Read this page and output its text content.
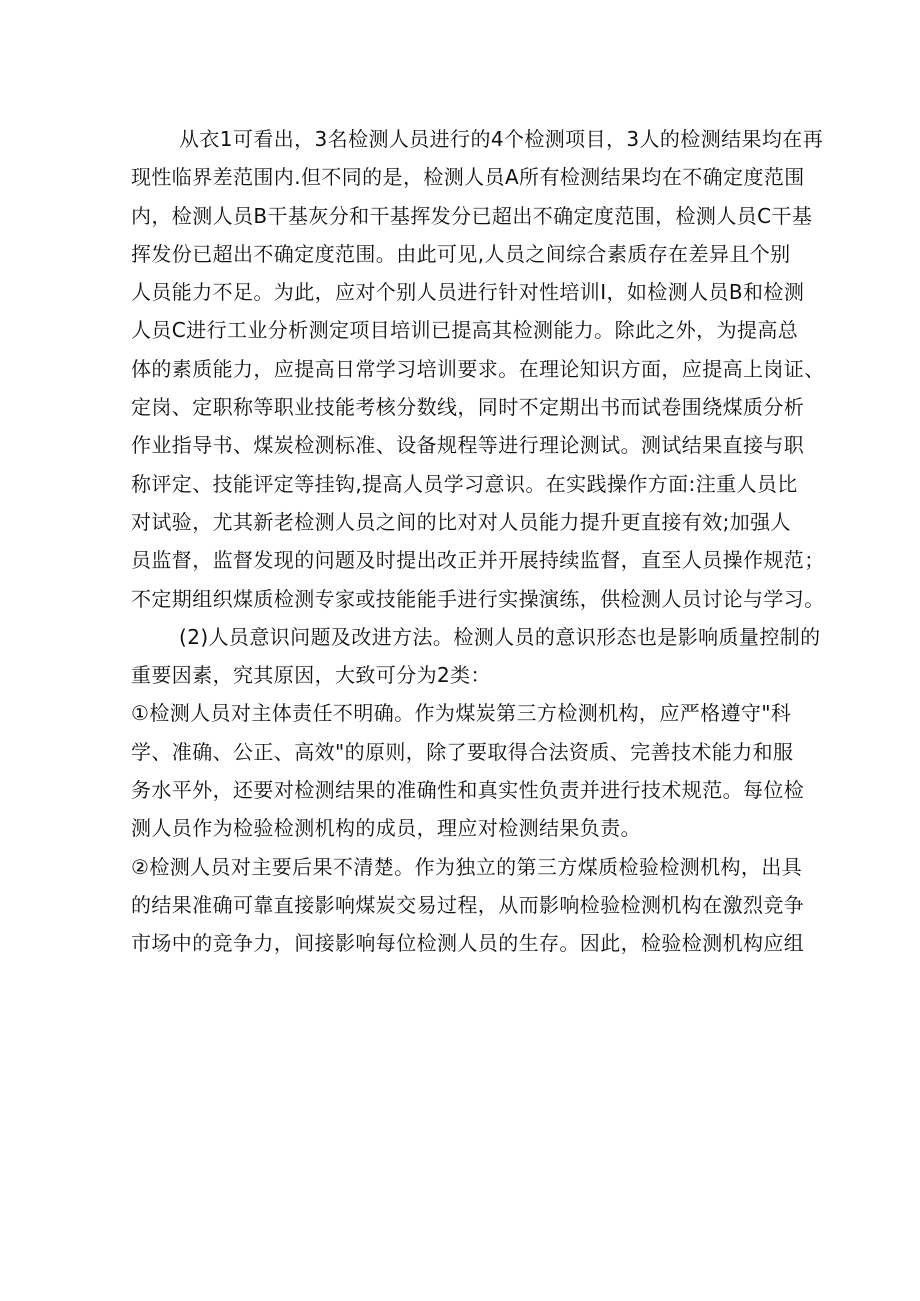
从衣1可看出，3名检测人员进行的4个检测项目，3人的检测结果均在再
现性临界差范围内.但不同的是，检测人员A所有检测结果均在不确定度范围
内，检测人员B干基灰分和干基挥发分已超出不确定度范围，检测人员C干基
挥发份已超出不确定度范围。由此可见,人员之间综合素质存在差异且个别
人员能力不足。为此，应对个别人员进行针对性培训I，如检测人员B和检测
人员C进行工业分析测定项目培训已提高其检测能力。除此之外，为提高总
体的素质能力，应提高日常学习培训要求。在理论知识方面，应提高上岗证、
定岗、定职称等职业技能考核分数线，同时不定期出书而试卷围绕煤质分析
作业指导书、煤炭检测标准、设备规程等进行理论测试。测试结果直接与职
称评定、技能评定等挂钩,提高人员学习意识。在实践操作方面:注重人员比
对试验，尤其新老检测人员之间的比对对人员能力提升更直接有效;加强人
员监督，监督发现的问题及时提出改正并开展持续监督，直至人员操作规范；
不定期组织煤质检测专家或技能能手进行实操演练，供检测人员讨论与学习。
(2)人员意识问题及改进方法。检测人员的意识形态也是影响质量控制的
重要因素，究其原因，大致可分为2类：
①检测人员对主体责任不明确。作为煤炭第三方检测机构，应严格遵守"科
学、准确、公正、高效"的原则，除了要取得合法资质、完善技术能力和服
务水平外，还要对检测结果的准确性和真实性负责并进行技术规范。每位检
测人员作为检验检测机构的成员，理应对检测结果负责。
②检测人员对主要后果不清楚。作为独立的第三方煤质检验检测机构，出具
的结果准确可靠直接影响煤炭交易过程，从而影响检验检测机构在激烈竞争
市场中的竞争力，间接影响每位检测人员的生存。因此，检验检测机构应组
